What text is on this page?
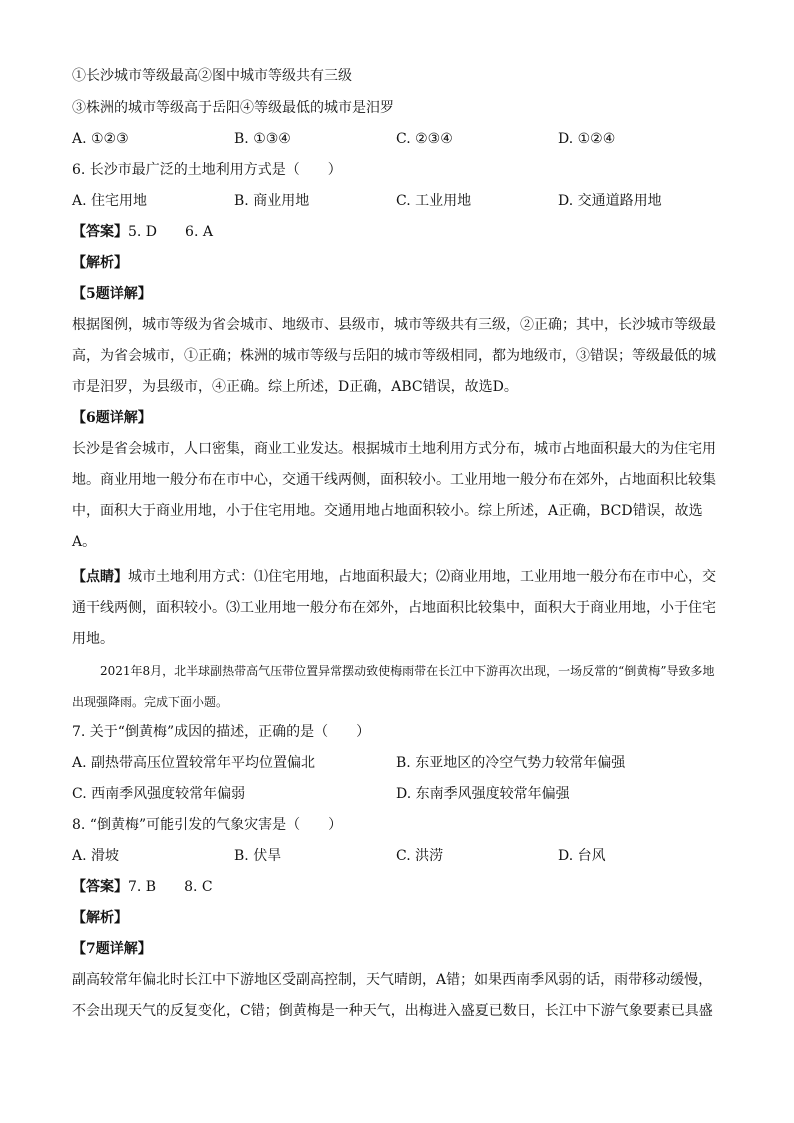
①长沙城市等级最高②图中城市等级共有三级
③株洲的城市等级高于岳阳④等级最低的城市是汨罗
A. ①②③	B. ①③④	C. ②③④	D. ①②④
6. 长沙市最广泛的土地利用方式是（　　）
A. 住宅用地	B. 商业用地	C. 工业用地	D. 交通道路用地
【答案】5. D　　6. A
【解析】
【5题详解】
根据图例，城市等级为省会城市、地级市、县级市，城市等级共有三级，②正确；其中，长沙城市等级最高，为省会城市，①正确；株洲的城市等级与岳阳的城市等级相同，都为地级市，③错误；等级最低的城市是汨罗，为县级市，④正确。综上所述，D正确，ABC错误，故选D。
【6题详解】
长沙是省会城市，人口密集，商业工业发达。根据城市土地利用方式分布，城市占地面积最大的为住宅用地。商业用地一般分布在市中心，交通干线两侧，面积较小。工业用地一般分布在郊外，占地面积比较集中，面积大于商业用地，小于住宅用地。交通用地占地面积较小。综上所述，A正确，BCD错误，故选A。
【点睛】城市土地利用方式：⑴住宅用地，占地面积最大；⑵商业用地，工业用地一般分布在市中心，交通干线两侧，面积较小。⑶工业用地一般分布在郊外，占地面积比较集中，面积大于商业用地，小于住宅用地。
2021年8月，北半球副热带高气压带位置异常摆动致使梅雨带在长江中下游再次出现，一场反常的“倒黄梅”导致多地出现强降雨。完成下面小题。
7. 关于“倒黄梅”成因的描述，正确的是（　　）
A. 副热带高压位置较常年平均位置偏北	B. 东亚地区的冷空气势力较常年偏强
C. 西南季风强度较常年偏弱	D. 东南季风强度较常年偏强
8. “倒黄梅”可能引发的气象灾害是（　　）
A. 滑坡	B. 伏旱	C. 洪涝	D. 台风
【答案】7. B　　8. C
【解析】
【7题详解】
副高较常年偏北时长江中下游地区受副高控制，天气晴朗，A错；如果西南季风弱的话，雨带移动缓慢，不会出现天气的反复变化，C错；倒黄梅是一种天气，出梅进入盛夏已数日，长江中下游气象要素已具盛
